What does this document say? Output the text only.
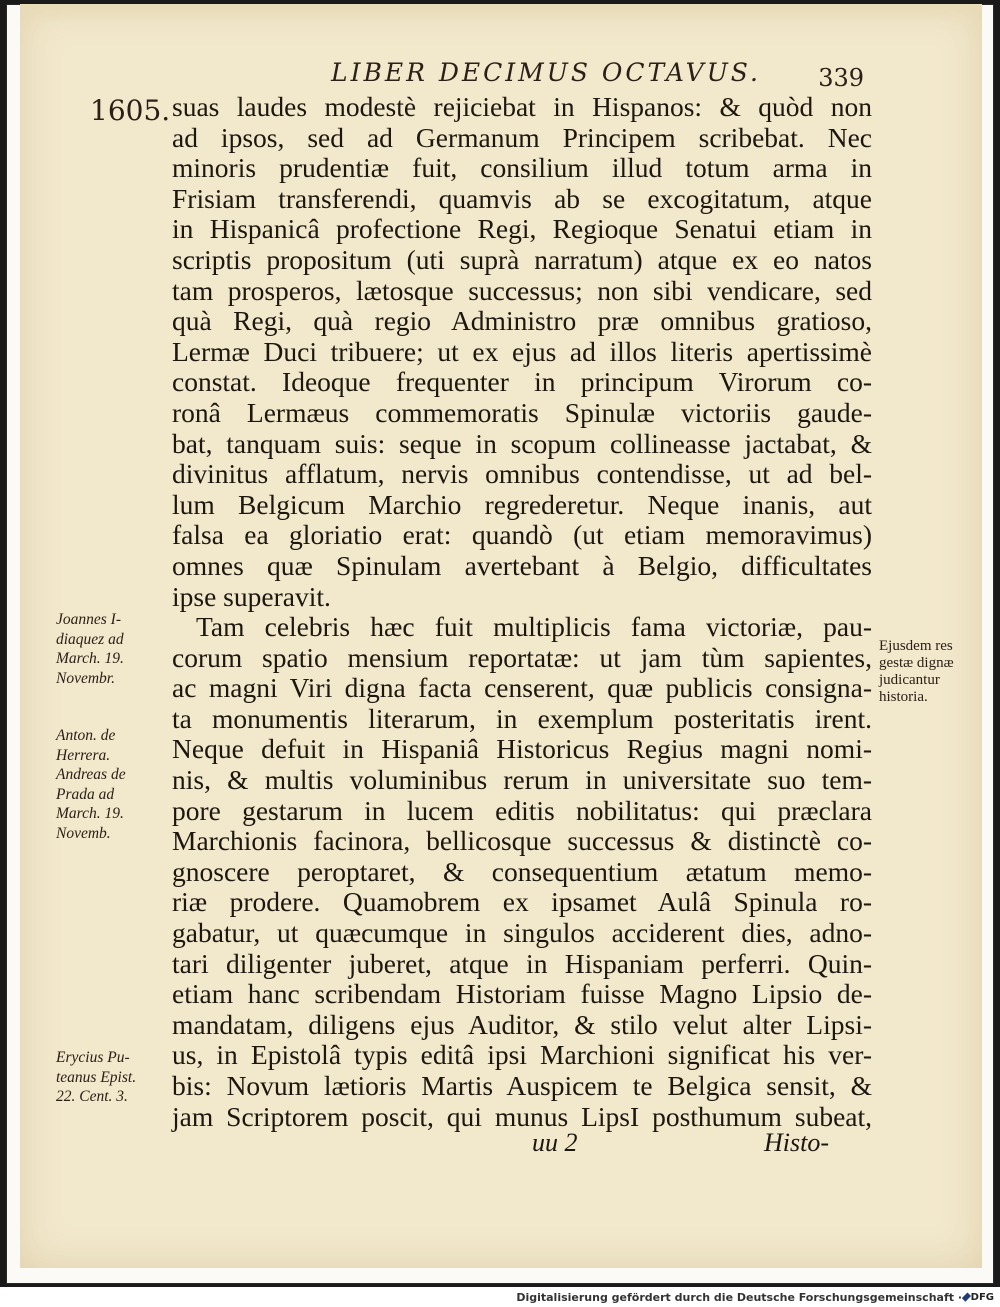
LIBER DECIMUS OCTAVUS.	339
1605. suas laudes modestè rejiciebat in Hispanos: & quòd non
ad ipsos, sed ad Germanum Principem scribebat. Nec
minoris prudentiæ fuit, consilium illud totum arma in
Frisiam transferendi, quamvis ab se excogitatum, atque
in Hispanicâ profectione Regi, Regioque Senatui etiam in
scriptis propositum (uti suprà narratum) atque ex eo natos
tam prosperos, lætosque successus; non sibi vendicare, sed
quà Regi, quà regio Administro præ omnibus gratioso,
Lermæ Duci tribuere; ut ex ejus ad illos literis apertissimè
constat. Ideoque frequenter in principum Virorum co-
ronâ Lermæus commemoratis Spinulæ victoriis gaude-
bat, tanquam suis: seque in scopum collineasse jactabat, &
divinitus afflatum, nervis omnibus contendisse, ut ad bel-
lum Belgicum Marchio regrederetur. Neque inanis, aut
falsa ea gloriatio erat: quandò (ut etiam memoravimus)
omnes quæ Spinulam avertebant à Belgio, difficultates
ipse superavit.
Tam celebris hæc fuit multiplicis fama victoriæ, pau-
corum spatio mensium reportatæ: ut jam tùm sapientes,
ac magni Viri digna facta censerent, quæ publicis consigna-
ta monumentis literarum, in exemplum posteritatis irent.
Neque defuit in Hispaniâ Historicus Regius magni nomi-
nis, & multis voluminibus rerum in universitate suo tem-
pore gestarum in lucem editis nobilitatus: qui præclara
Marchionis facinora, bellicosque successus & distinctè co-
gnoscere peroptaret, & consequentium ætatum memo-
riæ prodere. Quamobrem ex ipsamet Aulâ Spinula ro-
gabatur, ut quæcumque in singulos acciderent dies, adno-
tari diligenter juberet, atque in Hispaniam perferri. Quin-
etiam hanc scribendam Historiam fuisse Magno Lipsio de-
mandatam, diligens ejus Auditor, & stilo velut alter Lipsi-
us, in Epistolâ typis editâ ipsi Marchioni significat his ver-
bis: Novum lætioris Martis Auspicem te Belgica sensit, &
jam Scriptorem poscit, qui munus LipsI posthumum subeat,
uu 2	Histo-
Joannes I-
diaquez ad
March. 19.
Novembr.
Anton. de
Herrera.
Andreas de
Prada ad
March. 19.
Novemb.
Erycius Pu-
teanus Epist.
22. Cent. 3.
Ejusdem res
gestæ dignæ
judicantur
historia.
Digitalisierung gefördert durch die Deutsche Forschungsgemeinschaft · DFG
